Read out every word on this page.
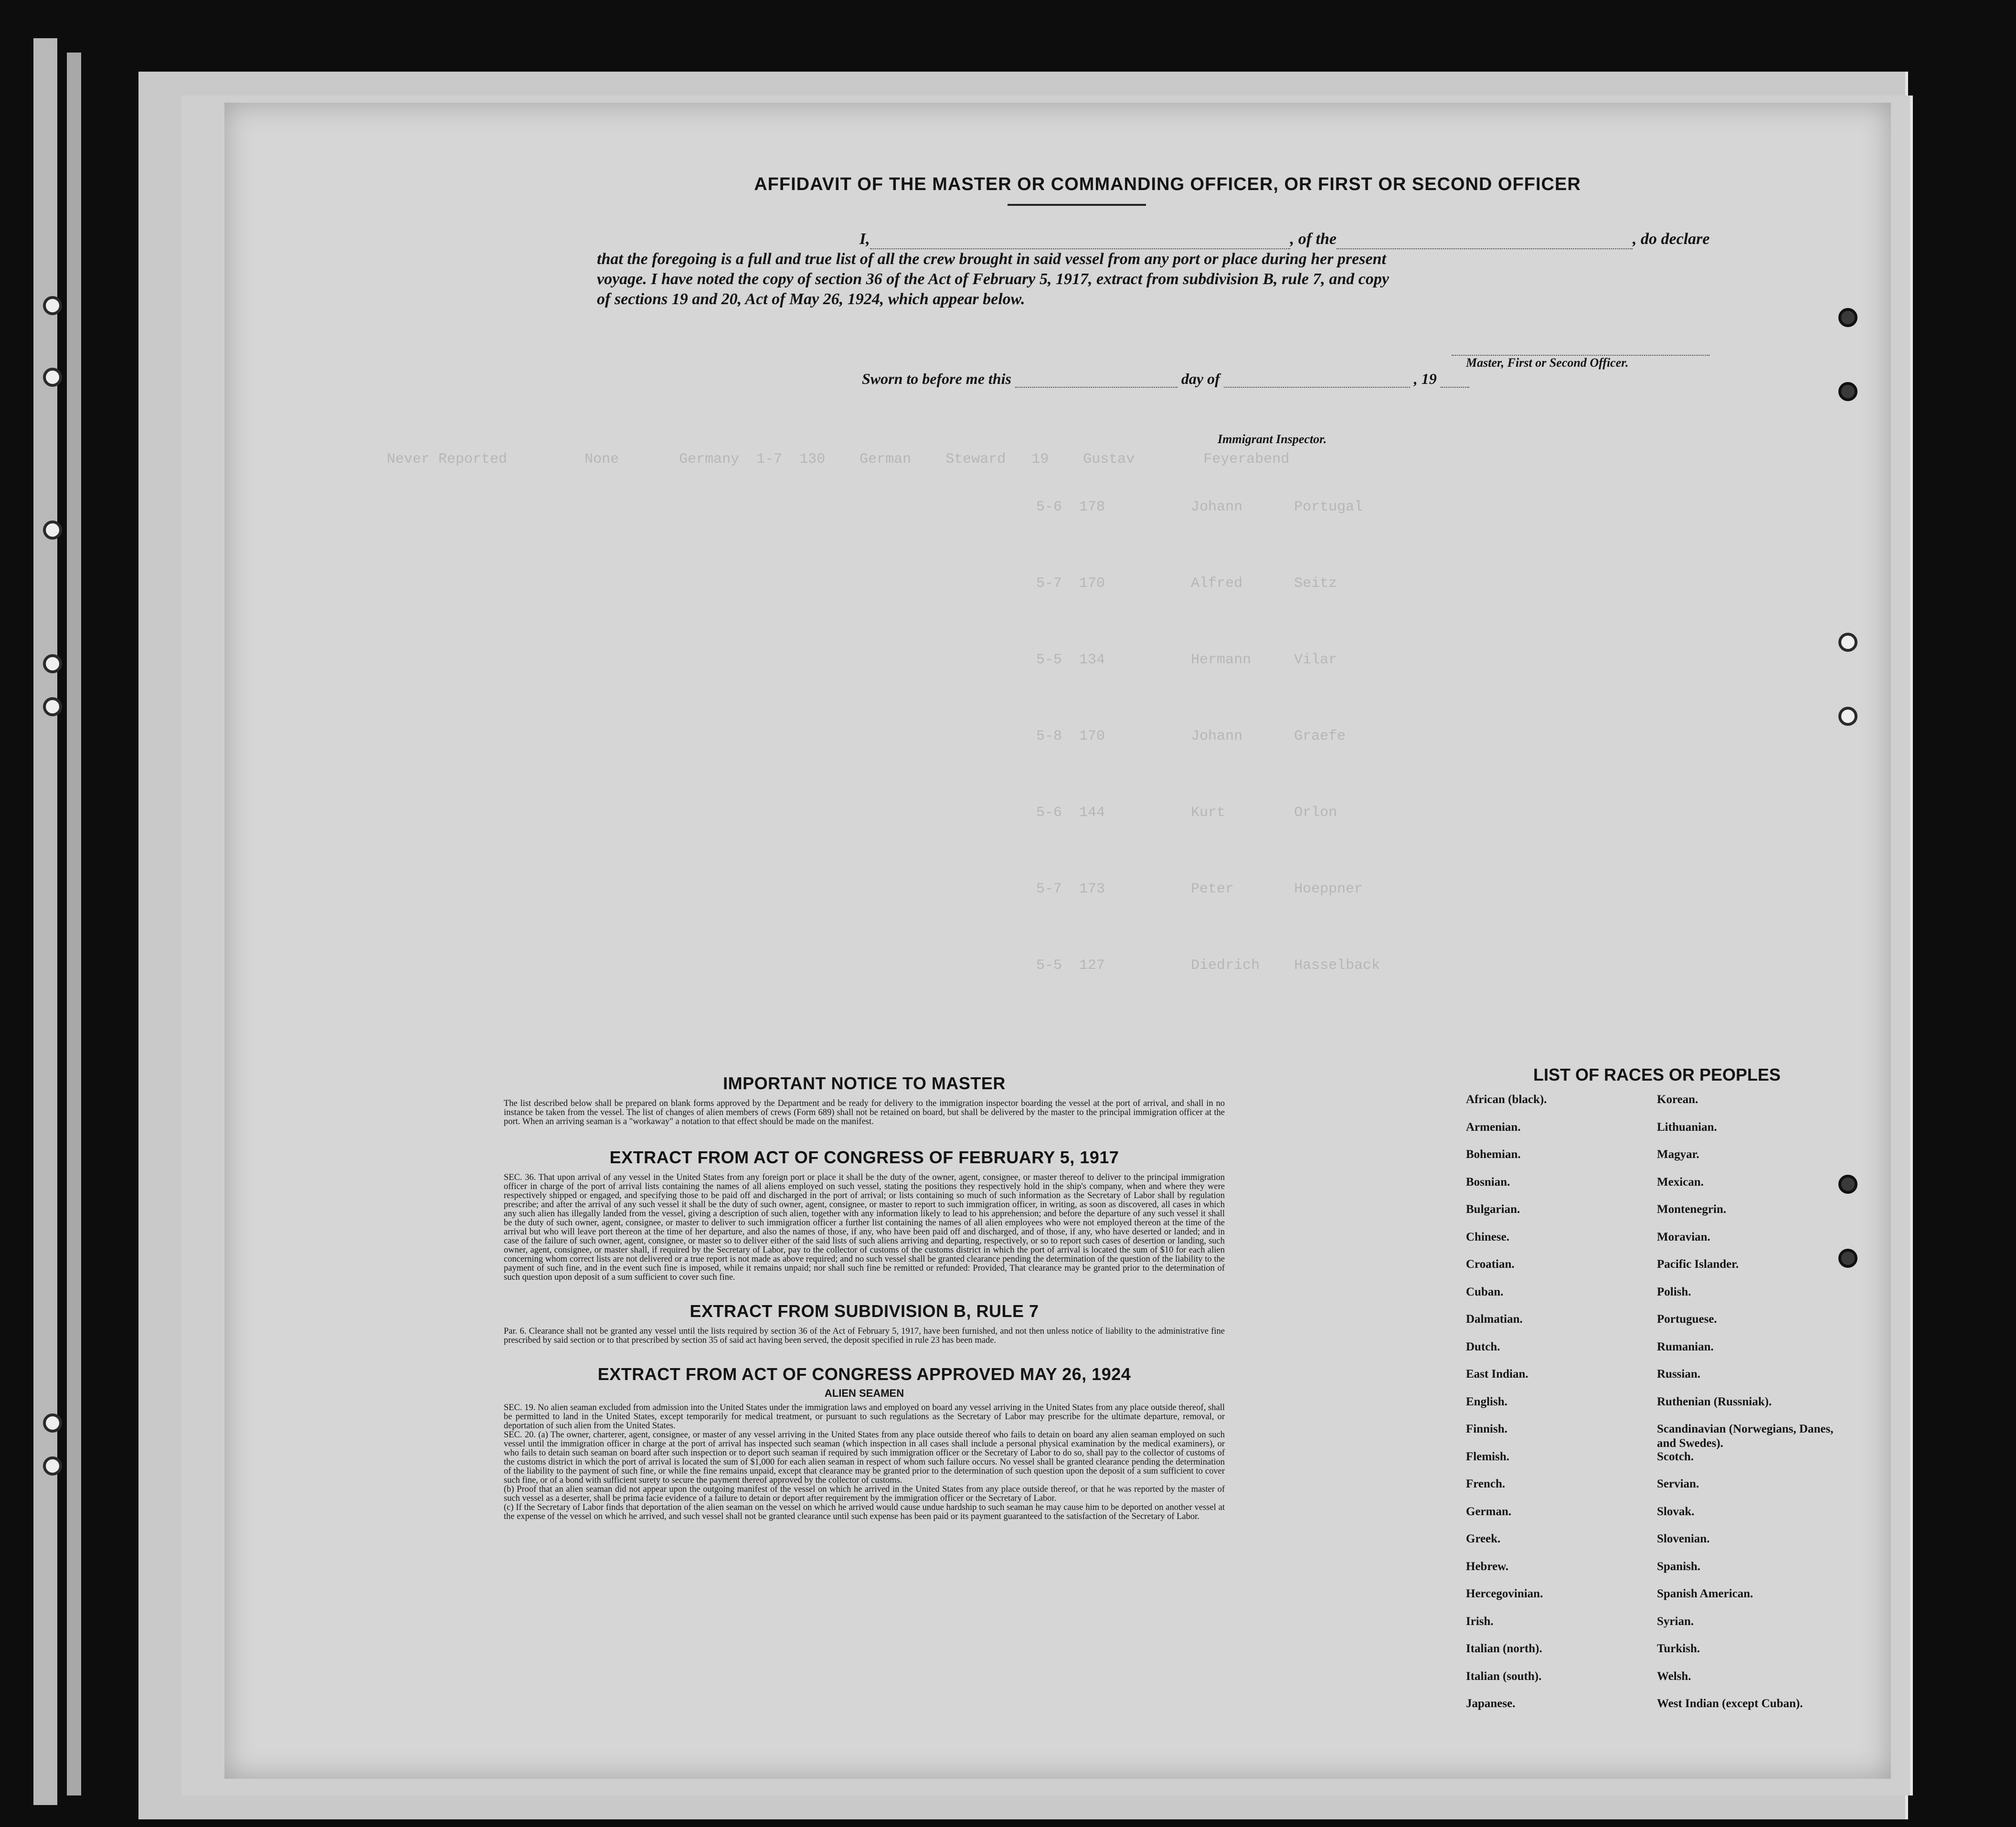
Never Reported         None       Germany  1-7  130    German    Steward   19    Gustav        Feyerabend
5-6  178          Johann      Portugal
5-7  170          Alfred      Seitz
5-5  134          Hermann     Vilar
5-8  170          Johann      Graefe
5-6  144          Kurt        Orlon
5-7  173          Peter       Hoeppner
5-5  127          Diedrich    Hasselback
AFFIDAVIT OF THE MASTER OR COMMANDING OFFICER, OR FIRST OR SECOND OFFICER
I,	, of the	, do declare
that the foregoing is a full and true list of all the crew brought in said vessel from any port or place during her present
voyage. I have noted the copy of section 36 of the Act of February 5, 1917, extract from subdivision B, rule 7, and copy
of sections 19 and 20, Act of May 26, 1924, which appear below.
Master, First or Second Officer.
Sworn to before me this	day of	, 19
Immigrant Inspector.
IMPORTANT NOTICE TO MASTER

The list described below shall be prepared on blank forms approved by the Department and be ready for delivery to the immigration inspector boarding the vessel at the port of arrival, and shall in no instance be taken from the vessel. The list of changes of alien members of crews (Form 689) shall not be retained on board, but shall be delivered by the master to the principal immigration officer at the port. When an arriving seaman is a "workaway" a notation to that effect should be made on the manifest.

EXTRACT FROM ACT OF CONGRESS OF FEBRUARY 5, 1917

SEC. 36. That upon arrival of any vessel in the United States from any foreign port or place it shall be the duty of the owner, agent, consignee, or master thereof to deliver to the principal immigration officer in charge of the port of arrival lists containing the names of all aliens employed on such vessel, stating the positions they respectively hold in the ship's company, when and where they were respectively shipped or engaged, and specifying those to be paid off and discharged in the port of arrival; or lists containing so much of such information as the Secretary of Labor shall by regulation prescribe; and after the arrival of any such vessel it shall be the duty of such owner, agent, consignee, or master to report to such immigration officer, in writing, as soon as discovered, all cases in which any such alien has illegally landed from the vessel, giving a description of such alien, together with any information likely to lead to his apprehension; and before the departure of any such vessel it shall be the duty of such owner, agent, consignee, or master to deliver to such immigration officer a further list containing the names of all alien employees who were not employed thereon at the time of the arrival but who will leave port thereon at the time of her departure, and also the names of those, if any, who have been paid off and discharged, and of those, if any, who have deserted or landed; and in case of the failure of such owner, agent, consignee, or master so to deliver either of the said lists of such aliens arriving and departing, respectively, or so to report such cases of desertion or landing, such owner, agent, consignee, or master shall, if required by the Secretary of Labor, pay to the collector of customs of the customs district in which the port of arrival is located the sum of $10 for each alien concerning whom correct lists are not delivered or a true report is not made as above required; and no such vessel shall be granted clearance pending the determination of the question of the liability to the payment of such fine, and in the event such fine is imposed, while it remains unpaid; nor shall such fine be remitted or refunded: Provided, That clearance may be granted prior to the determination of such question upon deposit of a sum sufficient to cover such fine.

EXTRACT FROM SUBDIVISION B, RULE 7

Par. 6. Clearance shall not be granted any vessel until the lists required by section 36 of the Act of February 5, 1917, have been furnished, and not then unless notice of liability to the administrative fine prescribed by said section or to that prescribed by section 35 of said act having been served, the deposit specified in rule 23 has been made.

EXTRACT FROM ACT OF CONGRESS APPROVED MAY 26, 1924
ALIEN SEAMEN

SEC. 19. No alien seaman excluded from admission into the United States under the immigration laws and employed on board any vessel arriving in the United States from any place outside thereof, shall be permitted to land in the United States, except temporarily for medical treatment, or pursuant to such regulations as the Secretary of Labor may prescribe for the ultimate departure, removal, or deportation of such alien from the United States.

SEC. 20. (a) The owner, charterer, agent, consignee, or master of any vessel arriving in the United States from any place outside thereof who fails to detain on board any alien seaman employed on such vessel until the immigration officer in charge at the port of arrival has inspected such seaman (which inspection in all cases shall include a personal physical examination by the medical examiners), or who fails to detain such seaman on board after such inspection or to deport such seaman if required by such immigration officer or the Secretary of Labor to do so, shall pay to the collector of customs of the customs district in which the port of arrival is located the sum of $1,000 for each alien seaman in respect of whom such failure occurs. No vessel shall be granted clearance pending the determination of the liability to the payment of such fine, or while the fine remains unpaid, except that clearance may be granted prior to the determination of such question upon the deposit of a sum sufficient to cover such fine, or of a bond with sufficient surety to secure the payment thereof approved by the collector of customs.

(b) Proof that an alien seaman did not appear upon the outgoing manifest of the vessel on which he arrived in the United States from any place outside thereof, or that he was reported by the master of such vessel as a deserter, shall be prima facie evidence of a failure to detain or deport after requirement by the immigration officer or the Secretary of Labor.

(c) If the Secretary of Labor finds that deportation of the alien seaman on the vessel on which he arrived would cause undue hardship to such seaman he may cause him to be deported on another vessel at the expense of the vessel on which he arrived, and such vessel shall not be granted clearance until such expense has been paid or its payment guaranteed to the satisfaction of the Secretary of Labor.

LIST OF RACES OR PEOPLES
African (black).
Armenian.
Bohemian.
Bosnian.
Bulgarian.
Chinese.
Croatian.
Cuban.
Dalmatian.
Dutch.
East Indian.
English.
Finnish.
Flemish.
French.
German.
Greek.
Hebrew.
Hercegovinian.
Irish.
Italian (north).
Italian (south).
Japanese.
Korean.
Lithuanian.
Magyar.
Mexican.
Montenegrin.
Moravian.
Pacific Islander.
Polish.
Portuguese.
Rumanian.
Russian.
Ruthenian (Russniak).
Scandinavian (Norwegians, Danes, and Swedes).
Scotch.
Servian.
Slovak.
Slovenian.
Spanish.
Spanish American.
Syrian.
Turkish.
Welsh.
West Indian (except Cuban).
